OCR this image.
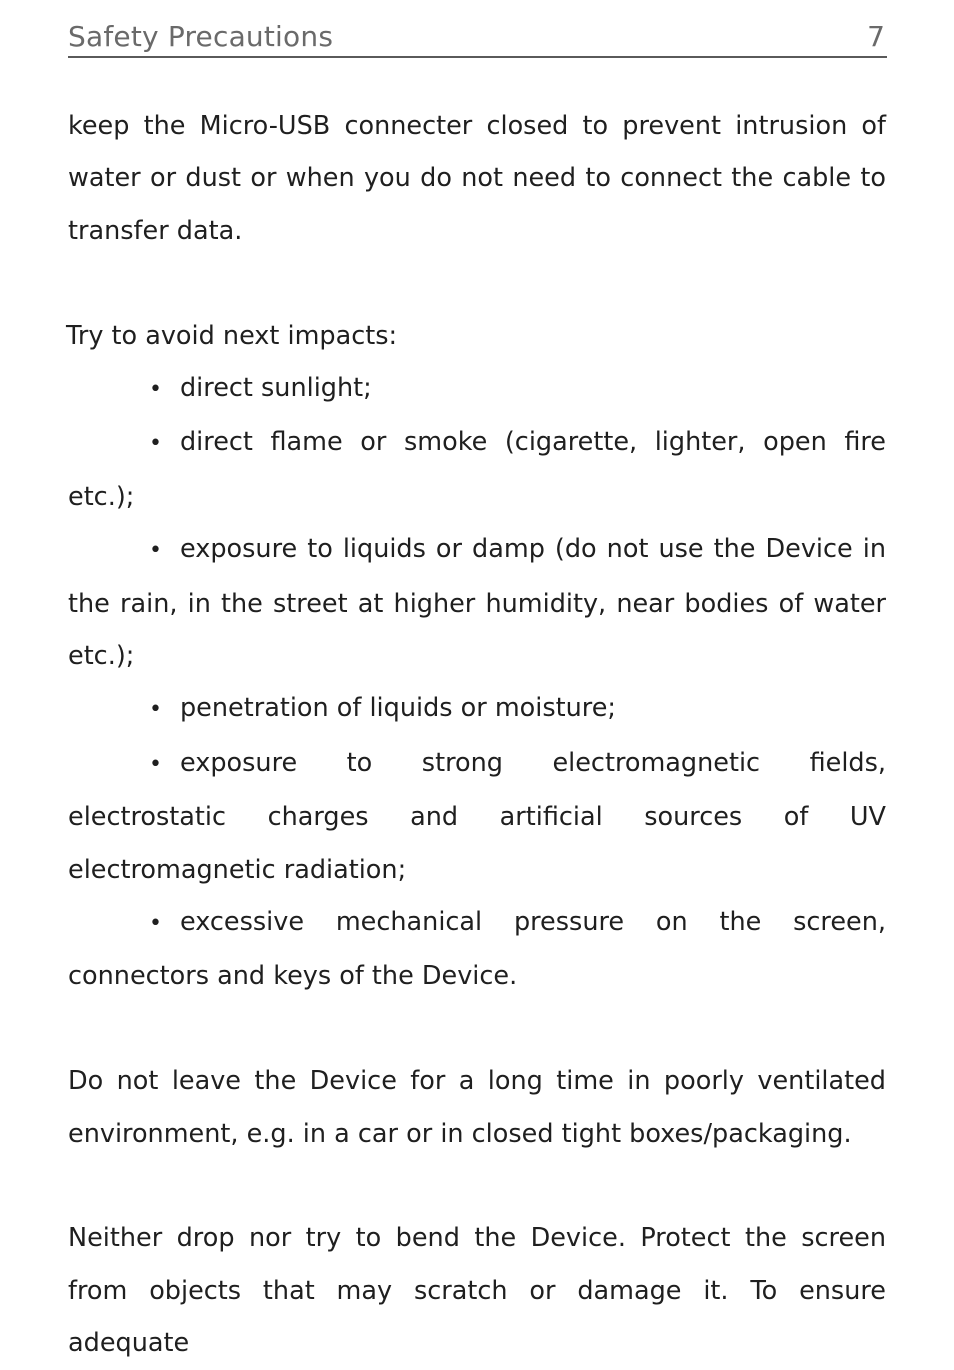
Safety Precautions	7

keep the Micro-USB connecter closed to prevent intrusion of water or dust or when you do not need to connect the cable to transfer data.

Try to avoid next impacts:

• direct sunlight;
• direct flame or smoke (cigarette, lighter, open fire etc.);
• exposure to liquids or damp (do not use the Device in the rain, in the street at higher humidity, near bodies of water etc.);
• penetration of liquids or moisture;
• exposure to strong electromagnetic fields, electrostatic charges and artificial sources of UV electromagnetic radiation;
• excessive mechanical pressure on the screen, connectors and keys of the Device.

Do not leave the Device for a long time in poorly ventilated environment, e.g. in a car or in closed tight boxes/packaging.

Neither drop nor try to bend the Device. Protect the screen from objects that may scratch or damage it. To ensure adequate
